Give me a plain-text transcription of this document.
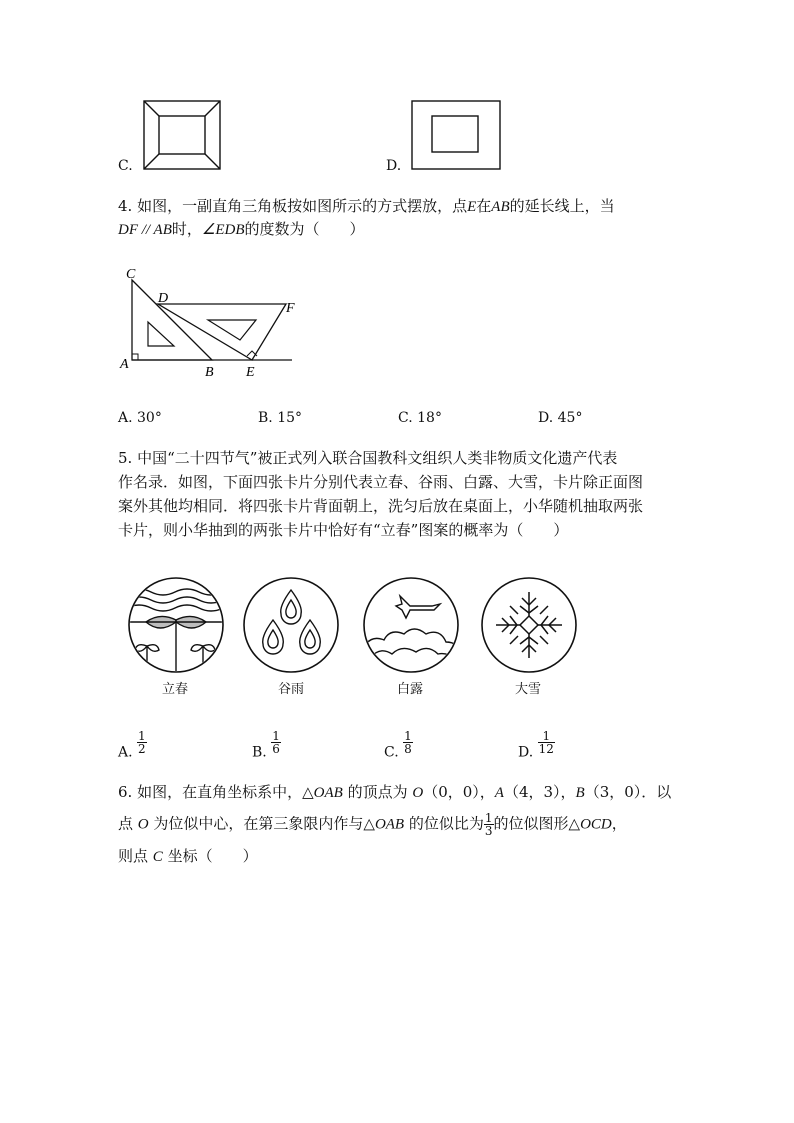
C.	D.
4. 如图，一副直角三角板按如图所示的方式摆放，点E在AB的延长线上，当
DF // AB时，∠EDB的度数为（　　）
C
D
F
A
B E
A. 30°	B. 15°	C. 18°	D. 45°
5. 中国“二十四节气”被正式列入联合国教科文组织人类非物质文化遗产代表
作名录．如图，下面四张卡片分别代表立春、谷雨、白露、大雪，卡片除正面图
案外其他均相同．将四张卡片背面朝上，洗匀后放在桌面上，小华随机抽取两张
卡片，则小华抽到的两张卡片中恰好有“立春”图案的概率为（　　）
立春	谷雨	白露	大雪
A. $\frac{1}{2}$	B. $\frac{1}{6}$	C. $\frac{1}{8}$	D. $\frac{1}{12}$
6. 如图，在直角坐标系中，△OAB 的顶点为 O（0，0），A（4，3），B（3，0）．以
点 O 为位似中心，在第三象限内作与△OAB 的位似比为 $\frac{1}{3}$ 的位似图形△OCD，
则点 C 坐标（　　）
